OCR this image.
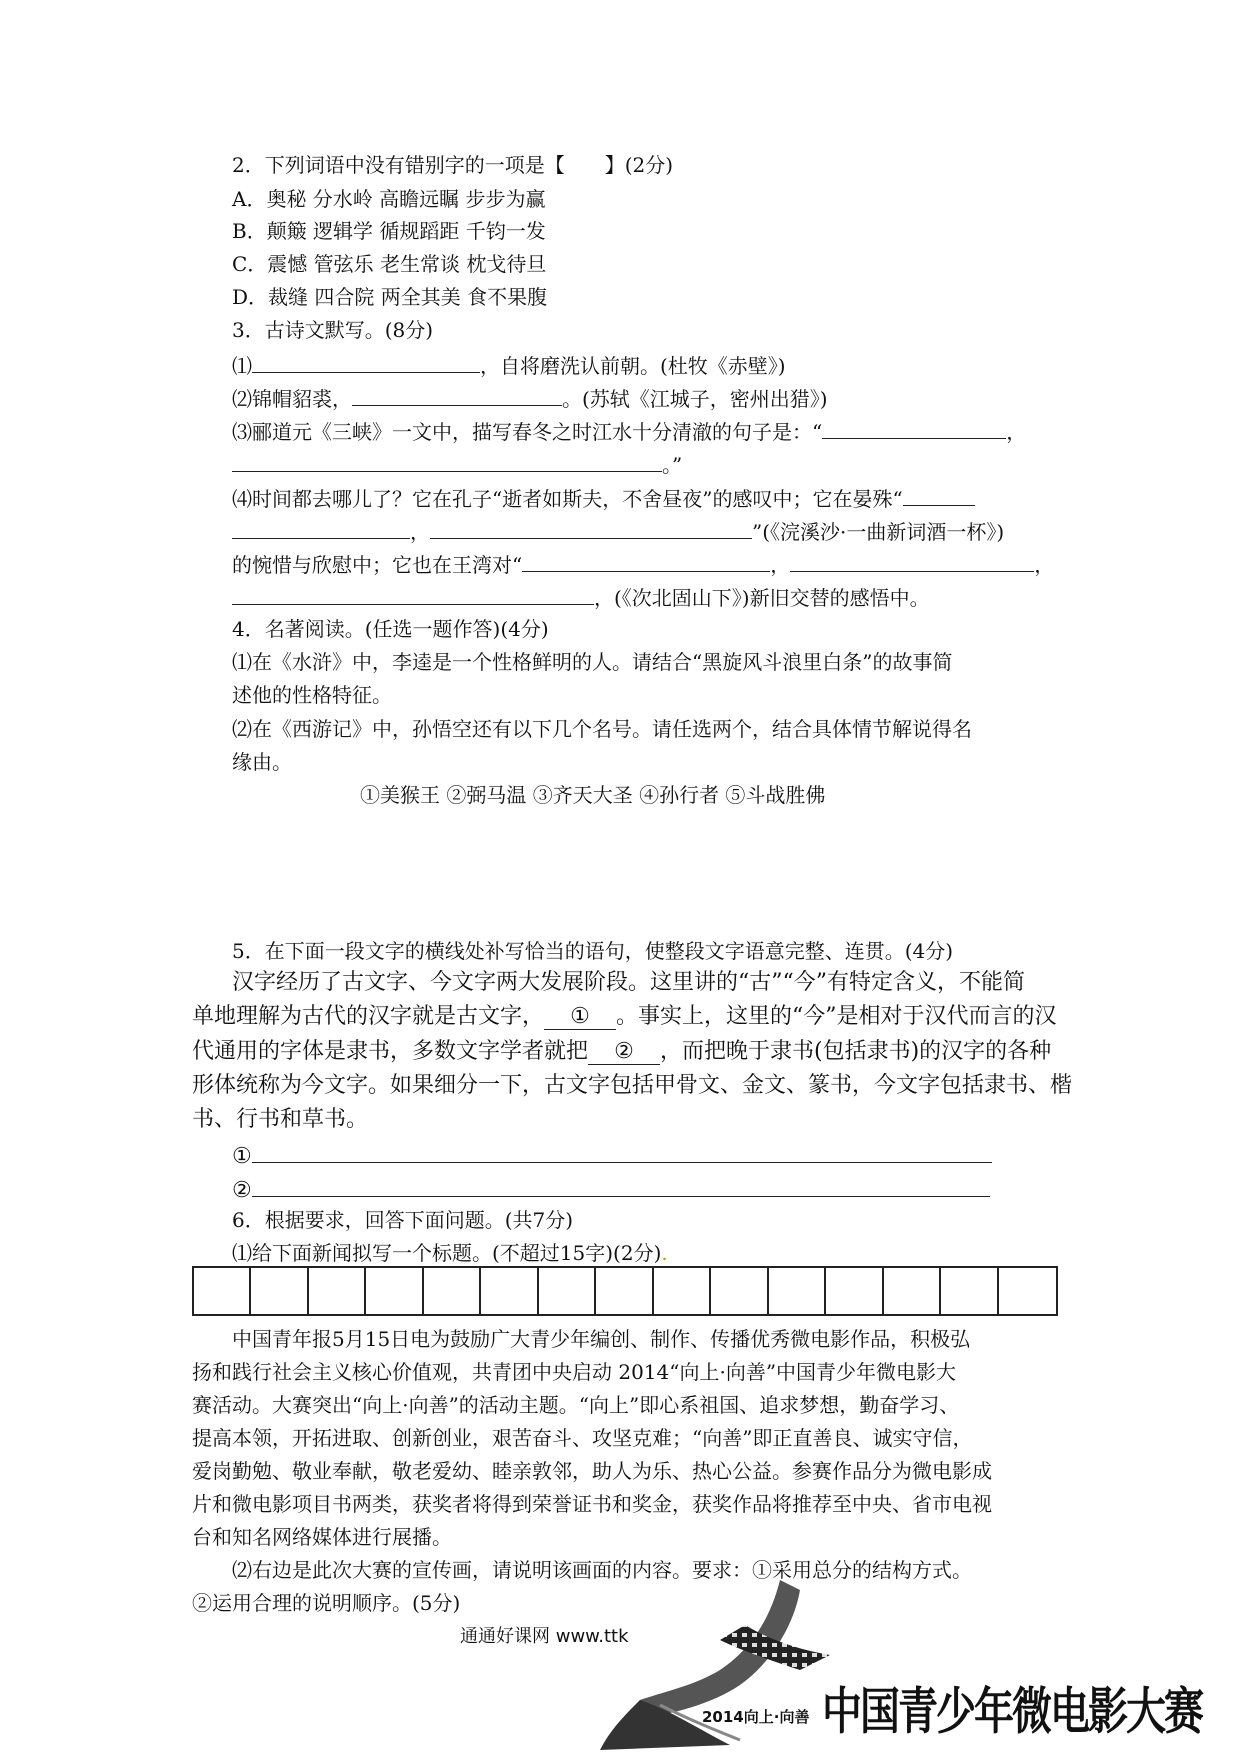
2．下列词语中没有错别字的一项是【　　】(2分)
A．奥秘 分水岭 高瞻远瞩 步步为赢
B．颠簸 逻辑学 循规蹈距 千钧一发
C．震憾 管弦乐 老生常谈 枕戈待旦
D．裁缝 四合院 两全其美 食不果腹
3．古诗文默写。(8分)
⑴	，自将磨洗认前朝。(杜牧《赤壁》)
⑵锦帽貂裘，	。(苏轼《江城子，密州出猎》)
⑶郦道元《三峡》一文中，描写春冬之时江水十分清澈的句子是：“	，
。”
⑷时间都去哪儿了？它在孔子“逝者如斯夫，不舍昼夜”的感叹中；它在晏殊“
，	”(《浣溪沙·一曲新词酒一杯》)
的惋惜与欣慰中；它也在王湾对“	，	，
，(《次北固山下》)新旧交替的感悟中。
4．名著阅读。(任选一题作答)(4分)
⑴在《水浒》中，李逵是一个性格鲜明的人。请结合“黑旋风斗浪里白条”的故事简
述他的性格特征。
⑵在《西游记》中，孙悟空还有以下几个名号。请任选两个，结合具体情节解说得名
缘由。
①美猴王 ②弼马温 ③齐天大圣 ④孙行者 ⑤斗战胜佛
5．在下面一段文字的横线处补写恰当的语句，使整段文字语意完整、连贯。(4分)
汉字经历了古文字、今文字两大发展阶段。这里讲的“古”“今”有特定含义，不能简
单地理解为古代的汉字就是古文字， ① 。事实上，这里的“今”是相对于汉代而言的汉
代通用的字体是隶书，多数文字学者就把 ② ，而把晚于隶书(包括隶书)的汉字的各种
形体统称为今文字。如果细分一下，古文字包括甲骨文、金文、篆书，今文字包括隶书、楷
书、行书和草书。
①
②
6．根据要求，回答下面问题。(共7分)
⑴给下面新闻拟写一个标题。(不超过15字)(2分).
中国青年报5月15日电为鼓励广大青少年编创、制作、传播优秀微电影作品，积极弘
扬和践行社会主义核心价值观，共青团中央启动 2014“向上·向善”中国青少年微电影大
赛活动。大赛突出“向上·向善”的活动主题。“向上”即心系祖国、追求梦想，勤奋学习、
提高本领，开拓进取、创新创业，艰苦奋斗、攻坚克难；“向善”即正直善良、诚实守信，
爱岗勤勉、敬业奉献，敬老爱幼、睦亲敦邻，助人为乐、热心公益。参赛作品分为微电影成
片和微电影项目书两类，获奖者将得到荣誉证书和奖金，获奖作品将推荐至中央、省市电视
台和知名网络媒体进行展播。
⑵右边是此次大赛的宣传画，请说明该画面的内容。要求：①采用总分的结构方式。
②运用合理的说明顺序。(5分)
通通好课网 www.ttk
2014向上·向善 中国青少年微电影大赛
